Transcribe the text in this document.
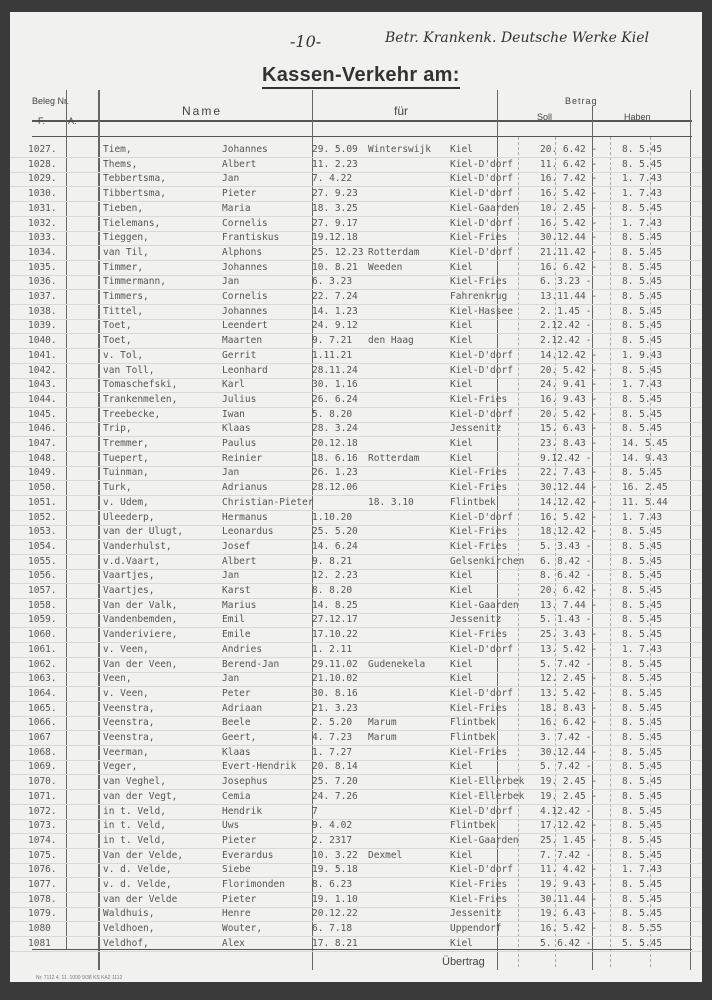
-10-	Betr. Krankenk. Deutsche Werke Kiel
Kassen-Verkehr am:
Beleg Nr.
F.	A.
Name	für
Betrag
Soll	Haben
1027.	Tiem,	Johannes	29. 5.09 Winterswijk Kiel	20. 6.42 -	8. 5.45
1028.	Thems,	Albert	11. 2.23	Kiel-D'dorf	11. 6.42 -	8. 5.45
1029.	Tebbertsma,	Jan	7. 4.22	Kiel-D'dorf	16. 7.42 -	1. 7.43
1030.	Tibbertsma,	Pieter	27. 9.23	Kiel-D'dorf	16. 5.42 -	1. 7.43
1031.	Tieben,	Maria	18. 3.25	Kiel-Gaarden 10. 2.45 -	8. 5.45
1032.	Tielemans,	Cornelis	27. 9.17	Kiel-D'dorf	16. 5.42 -	1. 7.43
1033.	Tieggen,	Frantiskus	19.12.18	Kiel-Fries	30.12.44 -	8. 5.45
1034.	van Til,	Alphons	25. 12.23 Rotterdam	Kiel-D'dorf	21.11.42 -	8. 5.45
1035.	Timmer,	Johannes	10. 8.21 Weeden	Kiel	16. 6.42 -	8. 5.45
1036.	Timmermann,	Jan	6. 3.23	Kiel-Fries	6. 3.23 -	8. 5.45
1037.	Timmers,	Cornelis	22. 7.24	Fahrenkrug	13.11.44 -	8. 5.45
1038.	Tittel,	Johannes	14. 1.23	Kiel-Hassee	2. 1.45 -	8. 5.45
1039.	Toet,	Leendert	24. 9.12	Kiel	2.12.42 -	8. 5.45
1040.	Toet,	Maarten	9. 7.21 den Haag	Kiel	2.12.42 -	8. 5.45
1041.	v. Tol,	Gerrit	1.11.21	Kiel-D'dorf	14.12.42 -	1. 9.43
1042.	van Toll,	Leonhard	28.11.24	Kiel-D'dorf	20. 5.42 -	8. 5.45
1043.	Tomaschefski,	Karl	30. 1.16	Kiel	24. 9.41 -	1. 7.43
1044.	Trankenmelen,	Julius	26. 6.24	Kiel-Fries	16. 9.43 -	8. 5.45
1045.	Treebecke,	Iwan	5. 8.20	Kiel-D'dorf	20. 5.42 -	8. 5.45
1046.	Trip,	Klaas	28. 3.24	Jessenitz	15. 6.43 -	8. 5.45
1047.	Tremmer,	Paulus	20.12.18	Kiel	23. 8.43 -	14. 5.45
1048.	Tuepert,	Reinier	18. 6.16 Rotterdam	Kiel	9.12.42 -	14. 9.43
1049.	Tuinman,	Jan	26. 1.23	Kiel-Fries	22. 7.43 -	8. 5.45
1050.	Turk,	Adrianus	28.12.06	Kiel-Fries	30.12.44 -	16. 2.45
1051.	v. Udem,	Christian-Pieter	18. 3.10	Flintbek	14.12.42 -	11. 5.44
1052.	Uleederp,	Hermanus	1.10.20	Kiel-D'dorf	16. 5.42 -	1. 7.43
1053.	van der Ulugt,	Leonardus	25. 5.20	Kiel-Fries	18.12.42 -	8. 5.45
1054.	Vanderhulst,	Josef	14. 6.24	Kiel-Fries	5. 3.43 -	8. 5.45
1055.	v.d.Vaart,	Albert	9. 8.21	Gelsenkirchen 6. 8.42 -	8. 5.45
1056.	Vaartjes,	Jan	12. 2.23	Kiel	8. 6.42 -	8. 5.45
1057.	Vaartjes,	Karst	8. 8.20	Kiel	20. 6.42 -	8. 5.45
1058.	Van der Valk,	Marius	14. 8.25	Kiel-Gaarden 13. 7.44 -	8. 5.45
1059.	Vandenbemden,	Emil	27.12.17	Jessenitz	5. 1.43 -	8. 5.45
1060.	Vanderiviere,	Emile	17.10.22	Kiel-Fries	25. 3.43 -	8. 5.45
1061.	v. Veen,	Andries	1. 2.11	Kiel-D'dorf	13. 5.42 -	1. 7.43
1062.	Van der Veen,	Berend-Jan	29.11.02 Gudenekela	Kiel	5. 7.42 -	8. 5.45
1063.	Veen,	Jan	21.10.02	Kiel	12. 2.45 -	8. 5.45
1064.	v. Veen,	Peter	30. 8.16	Kiel-D'dorf	13. 5.42 -	8. 5.45
1065.	Veenstra,	Adriaan	21. 3.23	Kiel-Fries	18. 8.43 -	8. 5.45
1066.	Veenstra,	Beele	2. 5.20 Marum	Flintbek	16. 6.42 -	8. 5.45
1067	Veenstra,	Geert,	4. 7.23 Marum	Flintbek	3. 7.42 -	8. 5.45
1068.	Veerman,	Klaas	1. 7.27	Kiel-Fries	30.12.44 -	8. 5.45
1069.	Veger,	Evert-Hendrik 20. 8.14	Kiel	5. 7.42 -	8. 5.45
1070.	van Veghel,	Josephus	25. 7.20	Kiel-Ellerbek 19. 2.45 -	8. 5.45
1071.	van der Vegt,	Cemia	24. 7.26	Kiel-Ellerbek 19. 2.45 -	8. 5.45
1072.	in t. Veld,	Hendrik	7	Kiel-D'dorf	4.12.42 -	8. 5.45
1073.	in t. Veld,	Uws	9. 4.02	Flintbek	17.12.42 -	8. 5.45
1074.	in t. Veld,	Pieter	2. 2317	Kiel-Gaarden 25. 1.45 -	8. 5.45
1075.	Van der Velde,	Everardus	10. 3.22 Dexmel	Kiel	7. 7.42 -	8. 5.45
1076.	v. d. Velde,	Siebe	19. 5.18	Kiel-D'dorf	11. 4.42 -	1. 7.43
1077.	v. d. Velde,	Florimonden	8. 6.23	Kiel-Fries	19. 9.43 -	8. 5.45
1078.	van der Velde	Pieter	19. 1.10	Kiel-Fries	30.11.44 -	8. 5.45
1079.	Waldhuis,	Henre	20.12.22	Jessenitz	19. 6.43 -	8. 5.45
1080	Veldhoen,	Wouter,	6. 7.18	Uppendorf	16. 5.42 -	8. 5.55
1081	Veldhof,	Alex	17. 8.21	Kiel	5. 6.42 -	5. 5.45
Übertrag
Nr. 7112 4. 11. 1000 9/38 KS KA2 1112
